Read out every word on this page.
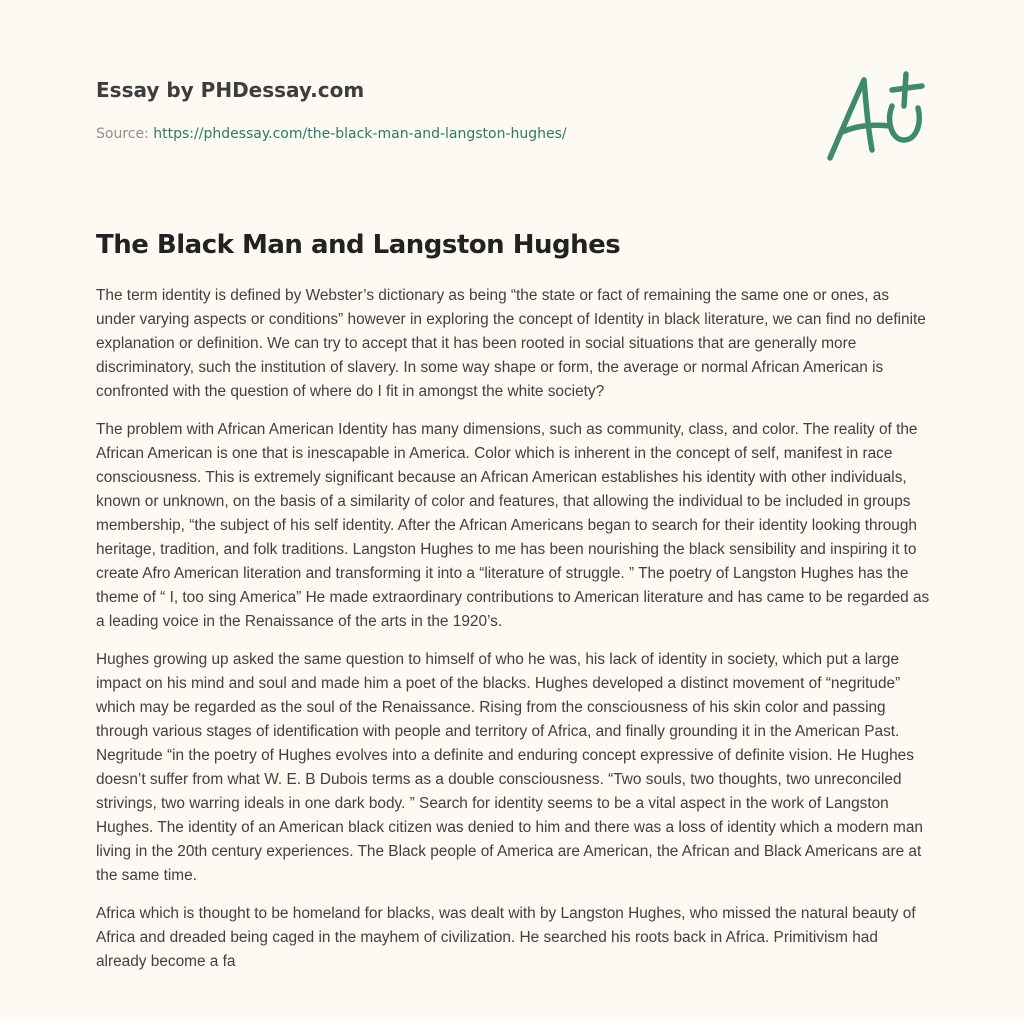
Essay by PHDessay.com
Source: https://phdessay.com/the-black-man-and-langston-hughes/
The Black Man and Langston Hughes

The term identity is defined by Webster’s dictionary as being “the state or fact of remaining the same one or ones, as under varying aspects or conditions” however in exploring the concept of Identity in black literature, we can find no definite explanation or definition. We can try to accept that it has been rooted in social situations that are generally more discriminatory, such the institution of slavery. In some way shape or form, the average or normal African American is confronted with the question of where do I fit in amongst the white society?

The problem with African American Identity has many dimensions, such as community, class, and color. The reality of the African American is one that is inescapable in America. Color which is inherent in the concept of self, manifest in race consciousness. This is extremely significant because an African American establishes his identity with other individuals, known or unknown, on the basis of a similarity of color and features, that allowing the individual to be included in groups membership, “the subject of his self identity. After the African Americans began to search for their identity looking through heritage, tradition, and folk traditions. Langston Hughes to me has been nourishing the black sensibility and inspiring it to create Afro American literation and transforming it into a “literature of struggle. ” The poetry of Langston Hughes has the theme of “ I, too sing America” He made extraordinary contributions to American literature and has came to be regarded as a leading voice in the Renaissance of the arts in the 1920’s.

Hughes growing up asked the same question to himself of who he was, his lack of identity in society, which put a large impact on his mind and soul and made him a poet of the blacks. Hughes developed a distinct movement of “negritude” which may be regarded as the soul of the Renaissance. Rising from the consciousness of his skin color and passing through various stages of identification with people and territory of Africa, and finally grounding it in the American Past. Negritude “in the poetry of Hughes evolves into a definite and enduring concept expressive of definite vision. He Hughes doesn’t suffer from what W. E. B Dubois terms as a double consciousness. “Two souls, two thoughts, two unreconciled strivings, two warring ideals in one dark body. ” Search for identity seems to be a vital aspect in the work of Langston Hughes. The identity of an American black citizen was denied to him and there was a loss of identity which a modern man living in the 20th century experiences. The Black people of America are American, the African and Black Americans are at the same time.

Africa which is thought to be homeland for blacks, was dealt with by Langston Hughes, who missed the natural beauty of Africa and dreaded being caged in the mayhem of civilization. He searched his roots back in Africa. Primitivism had already become a fa
